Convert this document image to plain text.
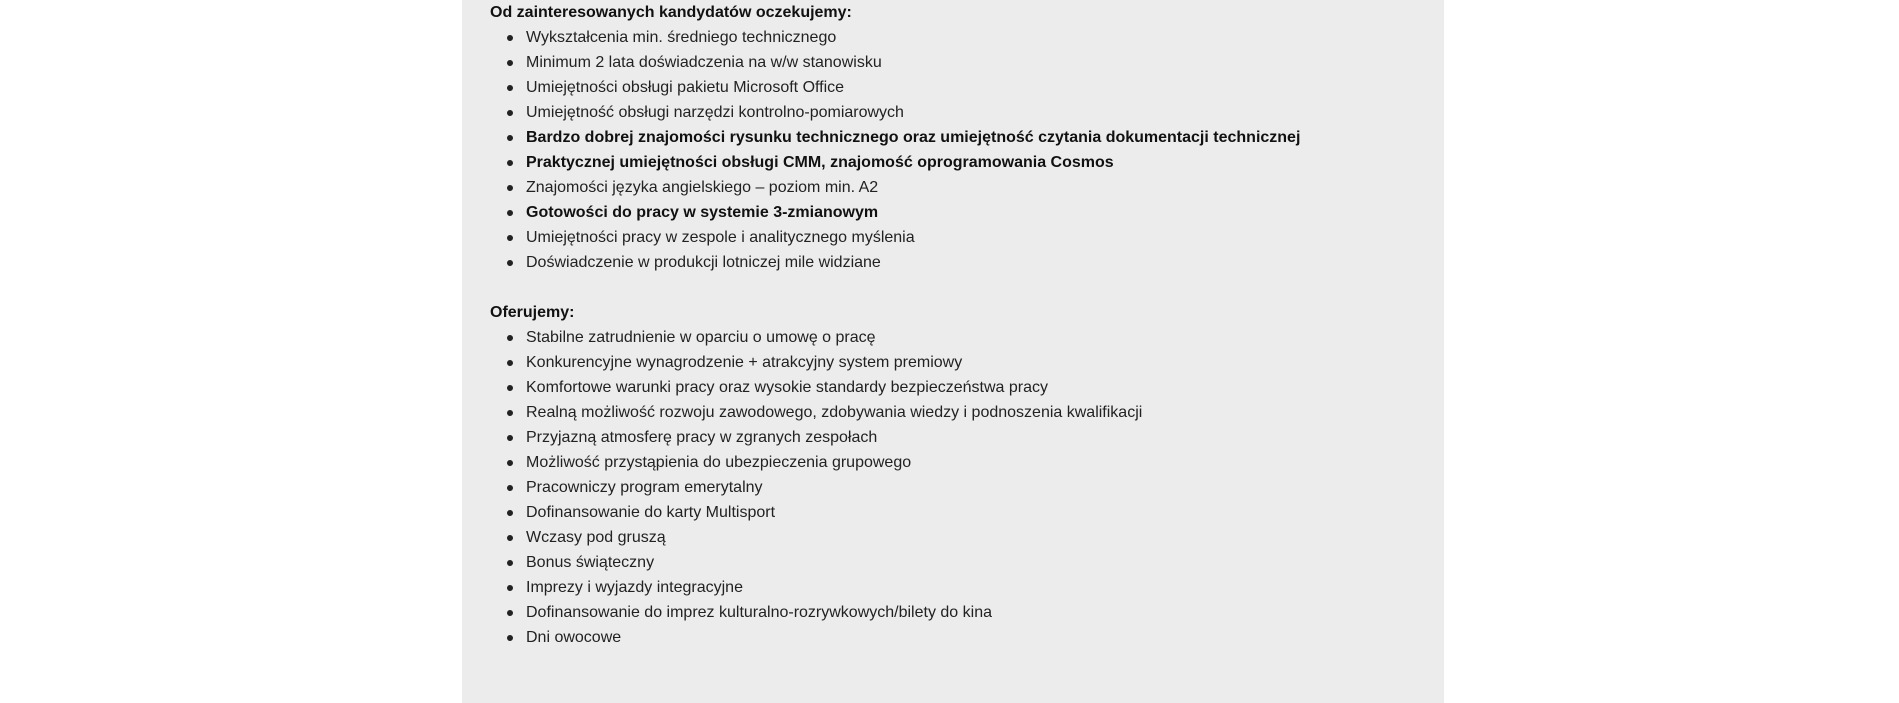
Od zainteresowanych kandydatów oczekujemy:
Wykształcenia min. średniego technicznego
Minimum 2 lata doświadczenia na w/w stanowisku
Umiejętności obsługi pakietu Microsoft Office
Umiejętność obsługi narzędzi kontrolno-pomiarowych
Bardzo dobrej znajomości rysunku technicznego oraz umiejętność czytania dokumentacji technicznej
Praktycznej umiejętności obsługi CMM, znajomość oprogramowania Cosmos
Znajomości języka angielskiego – poziom min. A2
Gotowości do pracy w systemie 3-zmianowym
Umiejętności pracy w zespole i analitycznego myślenia
Doświadczenie w produkcji lotniczej mile widziane
Oferujemy:
Stabilne zatrudnienie w oparciu o umowę o pracę
Konkurencyjne wynagrodzenie + atrakcyjny system premiowy
Komfortowe warunki pracy oraz wysokie standardy bezpieczeństwa pracy
Realną możliwość rozwoju zawodowego, zdobywania wiedzy i podnoszenia kwalifikacji
Przyjazną atmosferę pracy w zgranych zespołach
Możliwość przystąpienia do ubezpieczenia grupowego
Pracowniczy program emerytalny
Dofinansowanie do karty Multisport
Wczasy pod gruszą
Bonus świąteczny
Imprezy i wyjazdy integracyjne
Dofinansowanie do imprez kulturalno-rozrywkowych/bilety do kina
Dni owocowe
